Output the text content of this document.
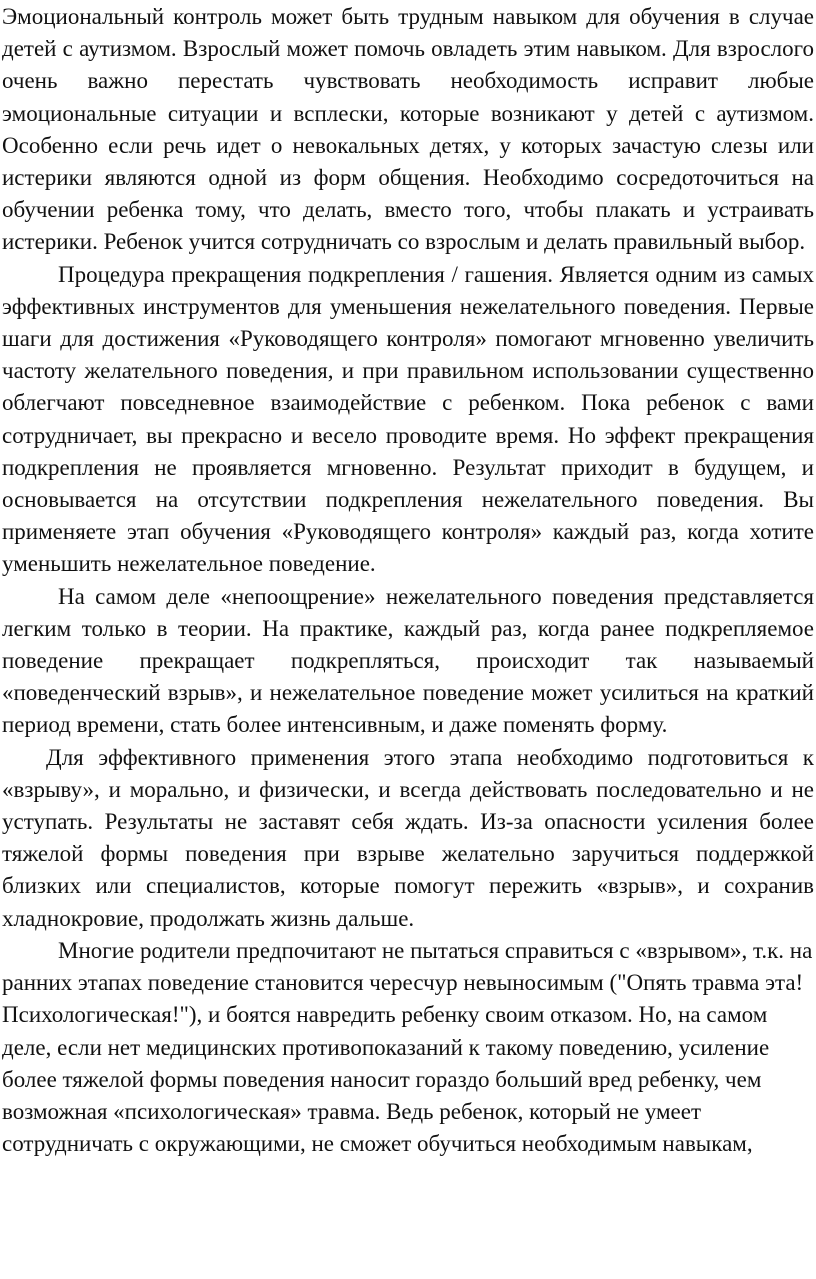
Эмоциональный контроль может быть трудным навыком для обучения в случае детей с аутизмом. Взрослый может помочь овладеть этим навыком. Для взрослого очень важно перестать чувствовать необходимость исправит любые эмоциональные ситуации и всплески, которые возникают у детей с аутизмом. Особенно если речь идет о невокальных детях, у которых зачастую слезы или истерики являются одной из форм общения. Необходимо сосредоточиться на обучении ребенка тому, что делать, вместо того, чтобы плакать и устраивать истерики. Ребенок учится сотрудничать со взрослым и делать правильный выбор.

Процедура прекращения подкрепления / гашения. Является одним из самых эффективных инструментов для уменьшения нежелательного поведения. Первые шаги для достижения «Руководящего контроля» помогают мгновенно увеличить частоту желательного поведения, и при правильном использовании существенно облегчают повседневное взаимодействие с ребенком. Пока ребенок с вами сотрудничает, вы прекрасно и весело проводите время. Но эффект прекращения подкрепления не проявляется мгновенно. Результат приходит в будущем, и основывается на отсутствии подкрепления нежелательного поведения. Вы применяете этап обучения «Руководящего контроля» каждый раз, когда хотите уменьшить нежелательное поведение.

На самом деле «непоощрение» нежелательного поведения представляется легким только в теории. На практике, каждый раз, когда ранее подкрепляемое поведение прекращает подкрепляться, происходит так называемый «поведенческий взрыв», и нежелательное поведение может усилиться на краткий период времени, стать более интенсивным, и даже поменять форму.

Для эффективного применения этого этапа необходимо подготовиться к «взрыву», и морально, и физически, и всегда действовать последовательно и не уступать. Результаты не заставят себя ждать. Из-за опасности усиления более тяжелой формы поведения при взрыве желательно заручиться поддержкой близких или специалистов, которые помогут пережить «взрыв», и сохранив хладнокровие, продолжать жизнь дальше.

Многие родители предпочитают не пытаться справиться с «взрывом», т.к. на ранних этапах поведение становится чересчур невыносимым ("Опять травма эта! Психологическая!"), и боятся навредить ребенку своим отказом. Но, на самом деле, если нет медицинских противопоказаний к такому поведению, усиление более тяжелой формы поведения наносит гораздо больший вред ребенку, чем возможная «психологическая» травма. Ведь ребенок, который не умеет сотрудничать с окружающими, не сможет обучиться необходимым навыкам,
